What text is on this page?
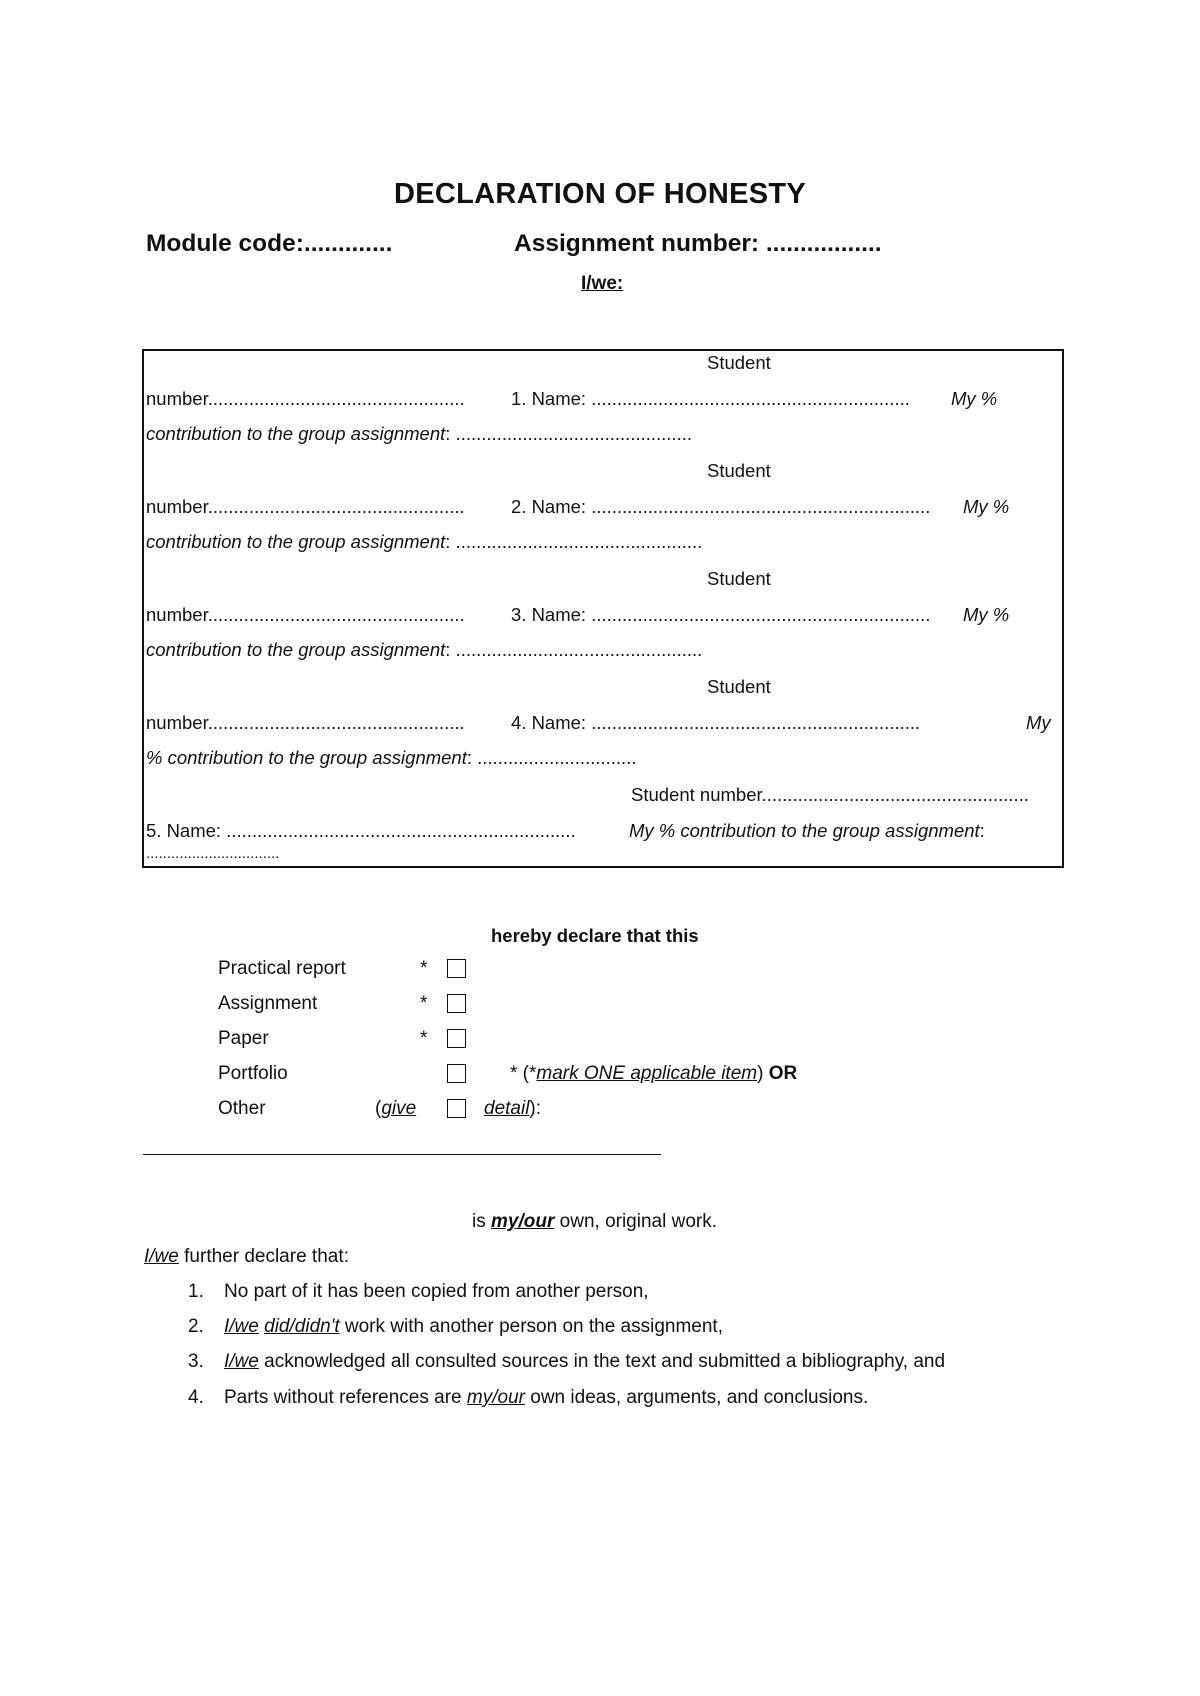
DECLARATION OF HONESTY
Module code:.............	Assignment number: .................
I/we:
Student
number..................................................	1. Name: .............................................................. My %
contribution to the group assignment: ..............................................
Student
number..................................................	2. Name: .................................................................. My %
contribution to the group assignment: ................................................
Student
number..................................................	3. Name: .................................................................. My %
contribution to the group assignment: ................................................
Student
number..................................................	4. Name: ................................................................	My
% contribution to the group assignment: ...............................
Student number....................................................
5. Name: ....................................................................	My % contribution to the group assignment:
................................
hereby declare that this
Practical report	*
Assignment	*
Paper	*
Portfolio	* (*mark ONE applicable item) OR
Other	(give	detail):
is my/our own, original work.
I/we further declare that:
1. No part of it has been copied from another person,
2. I/we did/didn't work with another person on the assignment,
3. I/we acknowledged all consulted sources in the text and submitted a bibliography, and
4. Parts without references are my/our own ideas, arguments, and conclusions.
